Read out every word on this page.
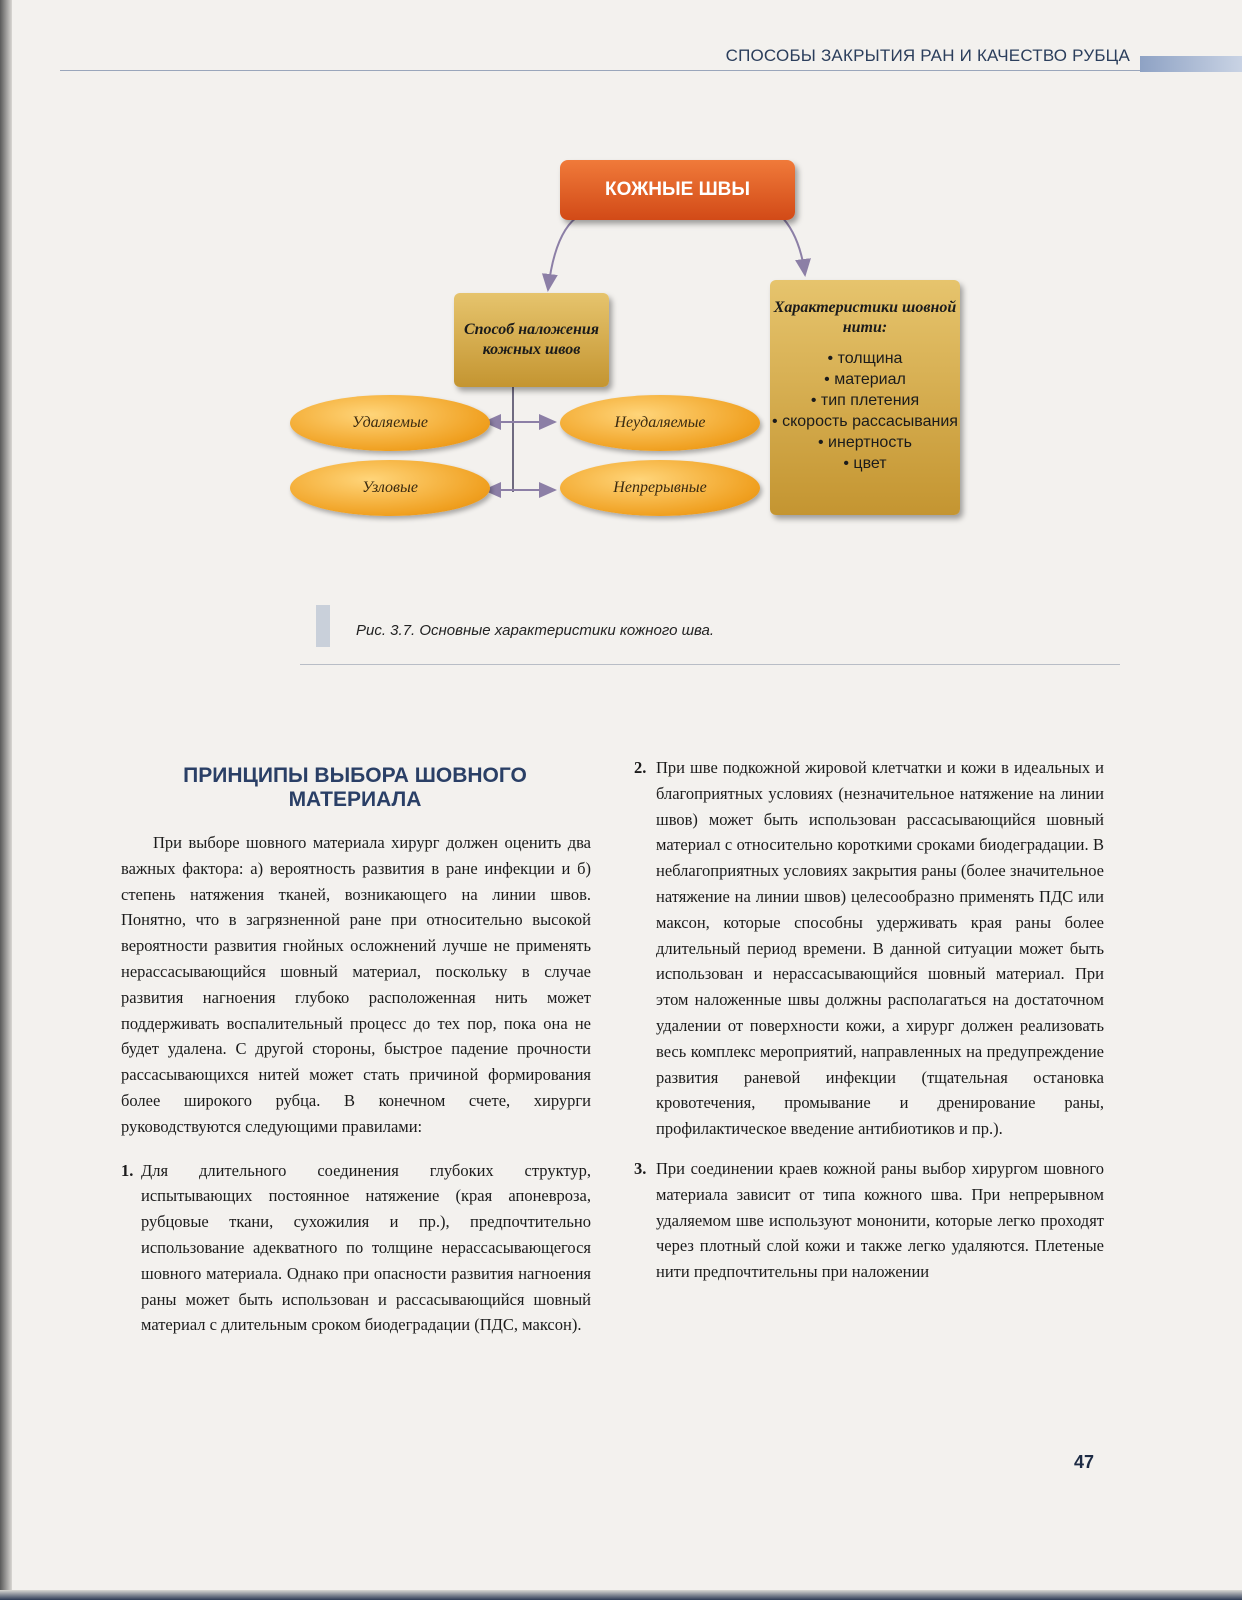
СПОСОБЫ ЗАКРЫТИЯ РАН И КАЧЕСТВО РУБЦА
КОЖНЫЕ ШВЫ
Способ наложения кожных швов
Характеристики шовной нити:
• толщина
• материал
• тип плетения
• скорость рассасывания
• инертность
• цвет
Удаляемые	Неудаляемые
Узловые	Непрерывные
Рис. 3.7. Основные характеристики кожного шва.
ПРИНЦИПЫ ВЫБОРА ШОВНОГО МАТЕРИАЛА

При выборе шовного материала хирург должен оценить два важных фактора: а) вероятность развития в ране инфекции и б) степень натяжения тканей, возникающего на линии швов. Понятно, что в загрязненной ране при относительно высокой вероятности развития гнойных осложнений лучше не применять нерассасывающийся шовный материал, поскольку в случае развития нагноения глубоко расположенная нить может поддерживать воспалительный процесс до тех пор, пока она не будет удалена. С другой стороны, быстрое падение прочности рассасывающихся нитей может стать причиной формирования более широкого рубца. В конечном счете, хирурги руководствуются следующими правилами:

1. Для длительного соединения глубоких структур, испытывающих постоянное натяжение (края апоневроза, рубцовые ткани, сухожилия и пр.), предпочтительно использование адекватного по толщине нерассасывающегося шовного материала. Однако при опасности развития нагноения раны может быть использован и рассасывающийся шовный материал с длительным сроком биодеградации (ПДС, максон).

2. При шве подкожной жировой клетчатки и кожи в идеальных и благоприятных условиях (незначительное натяжение на линии швов) может быть использован рассасывающийся шовный материал с относительно короткими сроками биодеградации. В неблагоприятных условиях закрытия раны (более значительное натяжение на линии швов) целесообразно применять ПДС или максон, которые способны удерживать края раны более длительный период времени. В данной ситуации может быть использован и нерассасывающийся шовный материал. При этом наложенные швы должны располагаться на достаточном удалении от поверхности кожи, а хирург должен реализовать весь комплекс мероприятий, направленных на предупреждение развития раневой инфекции (тщательная остановка кровотечения, промывание и дренирование раны, профилактическое введение антибиотиков и пр.).

3. При соединении краев кожной раны выбор хирургом шовного материала зависит от типа кожного шва. При непрерывном удаляемом шве используют мононити, которые легко проходят через плотный слой кожи и также легко удаляются. Плетеные нити предпочтительны при наложении

47
